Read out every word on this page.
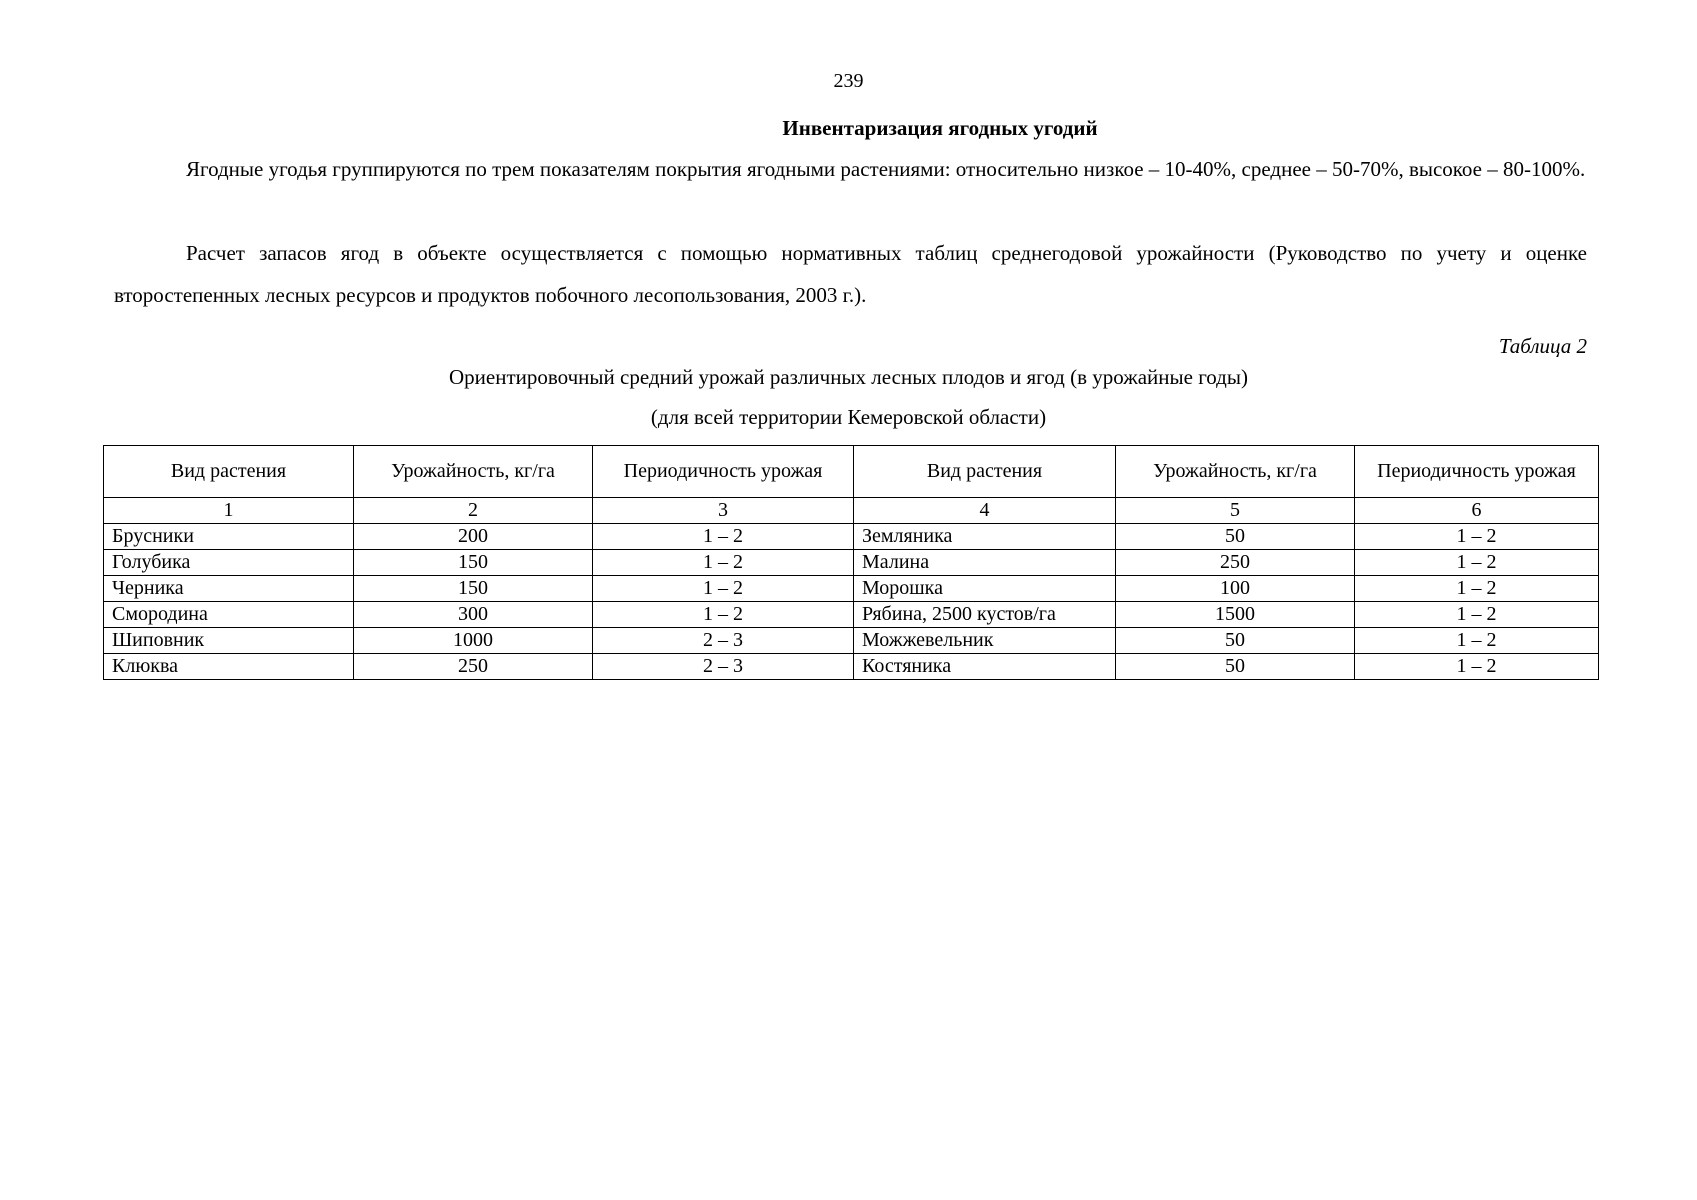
239
Инвентаризация ягодных угодий
Ягодные угодья группируются по трем показателям покрытия ягодными растениями: относительно низкое – 10-40%, среднее – 50-70%, высокое – 80-100%.
Расчет запасов ягод в объекте осуществляется с помощью нормативных таблиц среднегодовой урожайности (Руководство по учету и оценке второстепенных лесных ресурсов и продуктов побочного лесопользования, 2003 г.).
Таблица 2
Ориентировочный средний урожай различных лесных плодов и ягод (в урожайные годы)
(для всей территории Кемеровской области)
Вид растения	Урожайность, кг/га	Периодичность урожая	Вид растения	Урожайность, кг/га	Периодичность урожая
1	2	3	4	5	6
Брусники	200	1 – 2	Земляника	50	1 – 2
Голубика	150	1 – 2	Малина	250	1 – 2
Черника	150	1 – 2	Морошка	100	1 – 2
Смородина	300	1 – 2	Рябина, 2500 кустов/га	1500	1 – 2
Шиповник	1000	2 – 3	Можжевельник	50	1 – 2
Клюква	250	2 – 3	Костяника	50	1 – 2
